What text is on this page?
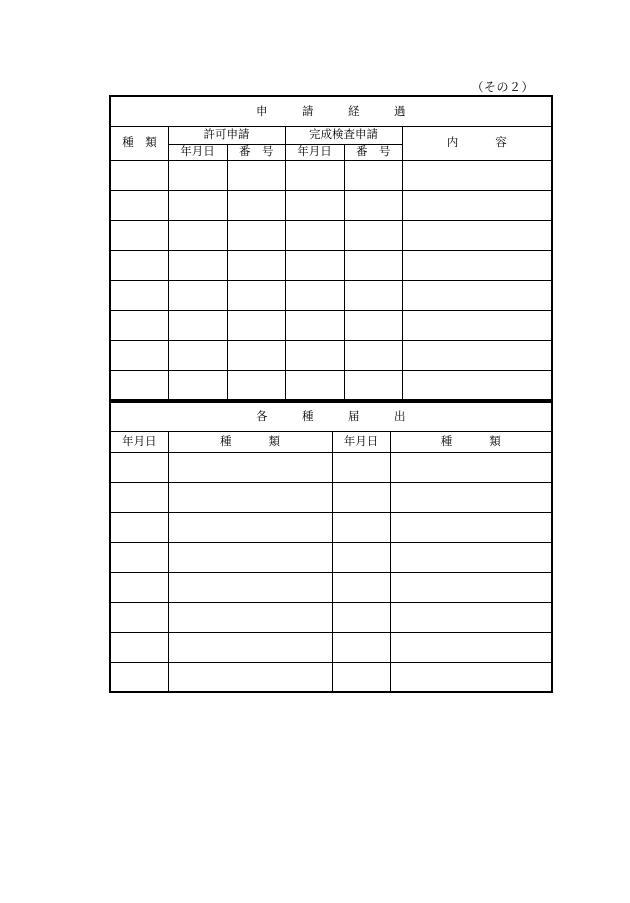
（その２）
申　請　経　過					
種　類	許可申請		完成検査申請		内　容
	年月日	番　号	年月日	番　号	

各　種　届　出			
年月日	種　類	年月日	種　類
